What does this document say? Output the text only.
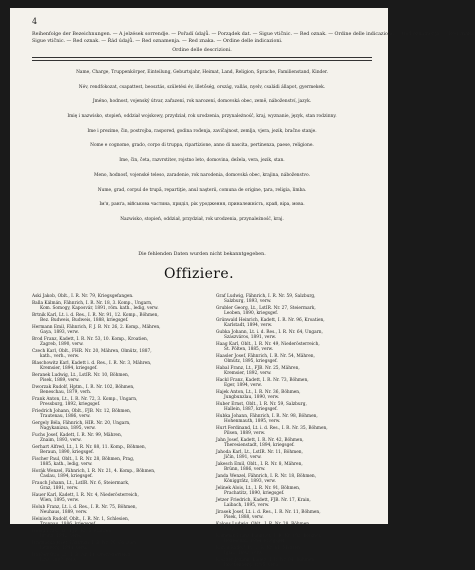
4
Reihenfolge der Bezeichnungen. — A jelzések sorrendje. — Pořadí údajů. — Porządek dat. — Sigue vtičnic. — Red oznak. — Ordine delle indicazioni. — Red oznamenja. — Red znaka.
Sigue vtičnic. — Red oznak. — Řád údajů. — Red oznamenja. — Red znaka. — Ordine delle indicazioni.
Ordine delle descrizioni.

Name, Charge, Truppenkörper, Einteilung, Geburtsjahr, Heimat, Land, Religion, Sprache, Familienstand, Kinder.

Név, rendfokozat, csapattest, beosztás, születési év, illetőség, ország, vallás, nyelv, családi állapot, gyermekek.

Jméno, hodnost, vojenský útvar, zařazení, rok narození, domovská obec, země, náboženství, jazyk.

Imię i nazwisko, stopień, oddział wojskowy, przydział, rok urodzenia, przynależność, kraj, wyznanie, język, stan rodzinny.

Ime i prezime, čin, postrojba, raspored, godina rođenja, zavičajnost, zemlja, vjera, jezik, bračno stanje.

Nome e cognome, grado, corpo di truppa, ripartizione, anno di nascita, pertinenza, paese, religione.

Ime, čin, četa, razvrstitev, rojstno leto, domovina, dežela, vera, jezik, stan.

Meno, hodnosť, vojenské teleso, zaradenie, rok narodenia, domovská obec, krajina, náboženstvo.

Nume, grad, corpul de trupă, repartiţie, anul naşterii, comuna de origine, ţara, religia, limba.

Ім'я, ранґа, військова частина, приділ, рік уродження, приналежність, край, віра, мова.

Nazwisko, stopień, oddział, przydział, rok urodzenia, przynależność, kraj.

Die fehlenden Daten wurden nicht bekanntgegeben.
Offiziere.
Aski Jakob, Oblt., I. R. Nr. 79, Kriegsgefangen.
Balla Kálmán, Fähnrich, I. R. Nr. 18, 3. Komp., Ungarn,
Kom. Somogy, Kaposvár, 1891, röm. kath., ledig, verw.
Brtnik Karl, Lt. i. d. Res., I. R. Nr. 91, 12. Komp., Böhmen,
Bez. Budweis, Budweis, 1888, kriegsgef.
Hermann Emil, Fähnrich, F. J. B. Nr. 26, 2. Komp., Mähren,
Gaya, 1893, verw.
Brod Franz, Kadett, I. R. Nr. 53, 10. Komp., Kroatien,
Zagreb, 1890, verw.
Czech Karl, Oblt., FHR. Nr. 20, Mähren, Olmütz, 1887,
kath., verh., verw.
Blaschowitz Karl, Kadett i. d. Res., I. R. Nr. 3, Mähren,
Kremsier, 1894, kriegsgef.
Beranek Ludwig, Lt., LstIR. Nr. 10, Böhmen,
Pisek, 1889, verw.
Dworzak Rudolf, Hptm., I. R. Nr. 102, Böhmen,
Beneschau, 1879, verh.
Frank Anton, Lt., I. R. Nr. 72, 3. Komp., Ungarn,
Pressburg, 1892, kriegsgef.
Friedrich Johann, Oblt., FJB. Nr. 12, Böhmen,
Trautenau, 1886, verw.
Gergely Béla, Fähnrich, HIR. Nr. 20, Ungarn,
Nagykanizsa, 1895, verw.
Fuchs Josef, Kadett, I. R. Nr. 99, Mähren,
Znaim, 1893, verw.
Gerhart Alfred, Lt., I. R. Nr. 88, 11. Komp., Böhmen,
Beraun, 1890, kriegsgef.
Fischer Paul, Oblt., I. R. Nr. 28, Böhmen, Prag,
1885, kath., ledig, verw.
Horák Wenzel, Fähnrich, I. R. Nr. 21, 4. Komp., Böhmen,
Časlau, 1894, kriegsgef.
Frauch Johann, Lt., LstIR. Nr. 6, Steiermark,
Graz, 1891, verw.
Hauer Karl, Kadett, I. R. Nr. 4, Niederösterreich,
Wien, 1895, verw.
Holub Franz, Lt. i. d. Res., I. R. Nr. 75, Böhmen,
Neuhaus, 1889, verw.
Heinisch Rudolf, Oblt., I. R. Nr. 1, Schlesien,
Troppau, 1886, kriegsgef.
Hönig Ernst, Lt., FJB. Nr. 5, Mähren,
Brünn, 1892, verw.
Hromádka Josef, Fähnrich, I. R. Nr. 30, Galizien,
Lemberg, 1894, verw.
Hueber Otto, Lt., I. R. Nr. 14, Oberösterreich,
Linz, 1893, verw.
Graf Ludwig, Fähnrich, I. R. Nr. 59, Salzburg,
Salzburg, 1893, verw.
Grubler Georg, Lt., LstIR. Nr. 27, Steiermark,
Leoben, 1890, kriegsgef.
Grünwald Heinrich, Kadett, I. R. Nr. 96, Kroatien,
Karlstadt, 1894, verw.
Gubka Johann, Lt. i. d. Res., I. R. Nr. 64, Ungarn,
Szászváros, 1891, verw.
Haag Karl, Oblt., I. R. Nr. 49, Niederösterreich,
St. Pölten, 1885, verw.
Haasler Josef, Fähnrich, I. R. Nr. 54, Mähren,
Olmütz, 1895, kriegsgef.
Habal Franz, Lt., FJB. Nr. 25, Mähren,
Kremsier, 1892, verw.
Hackl Franz, Kadett, I. R. Nr. 73, Böhmen,
Eger, 1894, verw.
Hajek Anton, Lt., I. R. Nr. 36, Böhmen,
Jungbunzlau, 1890, verw.
Huber Ernst, Oblt., I. R. Nr. 59, Salzburg,
Hallein, 1887, kriegsgef.
Hubka Johann, Fähnrich, I. R. Nr. 98, Böhmen,
Hohenmauth, 1895, verw.
Hurt Ferdinand, Lt. i. d. Res., I. R. Nr. 35, Böhmen,
Pilsen, 1889, verw.
Jahn Josef, Kadett, I. R. Nr. 42, Böhmen,
Theresienstadt, 1894, kriegsgef.
Jahoda Karl, Lt., LstIR. Nr. 11, Böhmen,
Jičín, 1891, verw.
Jakesch Emil, Oblt., I. R. Nr. 8, Mähren,
Brünn, 1886, verw.
Janda Wenzel, Fähnrich, I. R. Nr. 18, Böhmen,
Königgrätz, 1893, verw.
Jelinek Alois, Lt., I. R. Nr. 91, Böhmen,
Prachatitz, 1890, kriegsgef.
Jetzer Friedrich, Kadett, FJB. Nr. 17, Krain,
Laibach, 1895, verw.
Jirasek Josef, Lt. i. d. Res., I. R. Nr. 11, Böhmen,
Pisek, 1888, verw.
Kalous Ludwig, Oblt., I. R. Nr. 28, Böhmen,
Prag, 1885, verw.
Kamenik Franz, Fähnrich, I. R. Nr. 102, Böhmen,
Beneschau, 1894, kriegsgef.
Karlik Rudolf, Lt., I. R. Nr. 81, Mähren,
Iglau, 1892, verw.
Kastner Johann, Kadett, I. R. Nr. 94, Böhmen,
Reichenberg, 1895, verw.
